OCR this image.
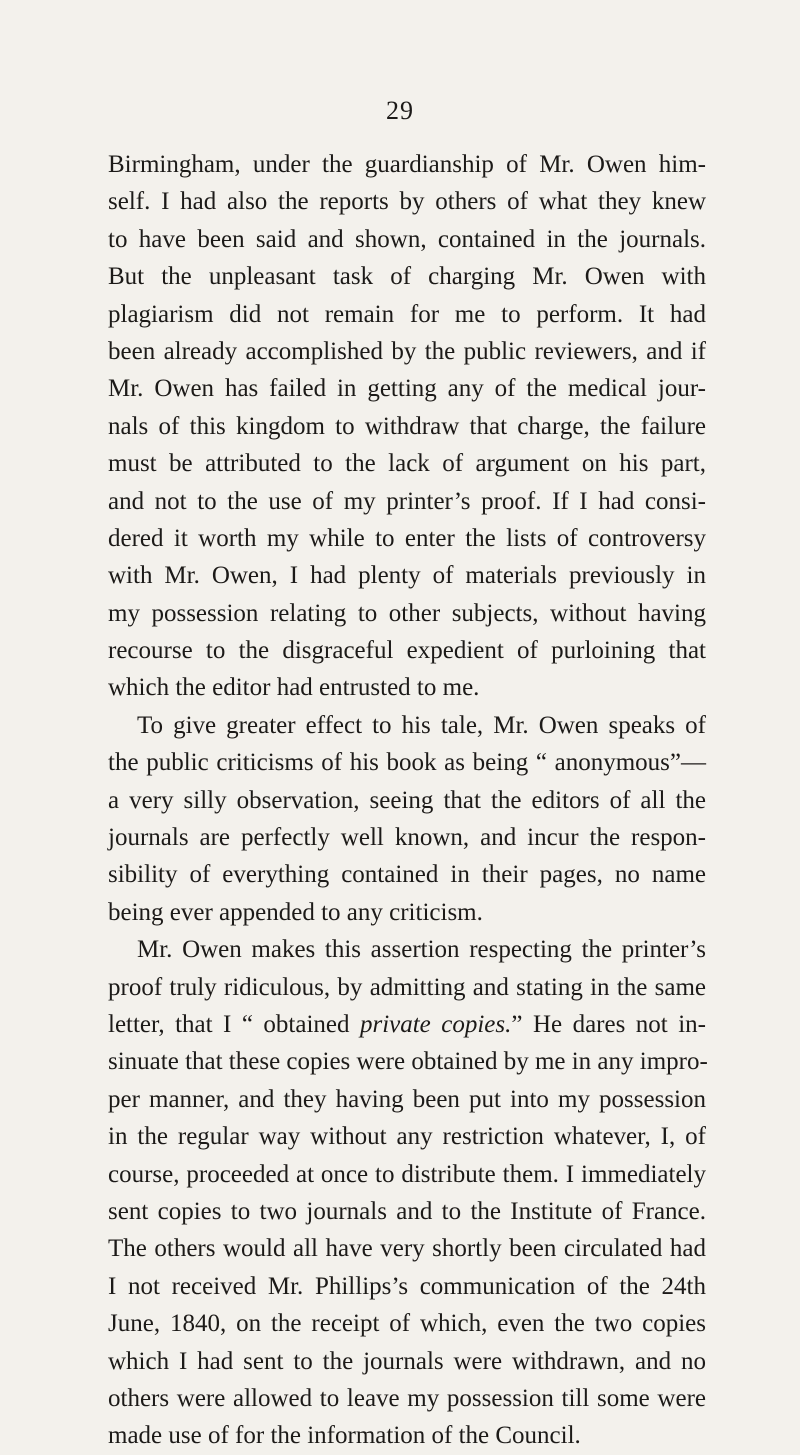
29
Birmingham, under the guardianship of Mr. Owen him-
self. I had also the reports by others of what they knew
to have been said and shown, contained in the journals.
But the unpleasant task of charging Mr. Owen with
plagiarism did not remain for me to perform. It had
been already accomplished by the public reviewers, and if
Mr. Owen has failed in getting any of the medical jour-
nals of this kingdom to withdraw that charge, the failure
must be attributed to the lack of argument on his part,
and not to the use of my printer’s proof. If I had consi-
dered it worth my while to enter the lists of controversy
with Mr. Owen, I had plenty of materials previously in
my possession relating to other subjects, without having
recourse to the disgraceful expedient of purloining that
which the editor had entrusted to me.
To give greater effect to his tale, Mr. Owen speaks of
the public criticisms of his book as being “ anonymous”—
a very silly observation, seeing that the editors of all the
journals are perfectly well known, and incur the respon-
sibility of everything contained in their pages, no name
being ever appended to any criticism.
Mr. Owen makes this assertion respecting the printer’s
proof truly ridiculous, by admitting and stating in the same
letter, that I “ obtained private copies.” He dares not in-
sinuate that these copies were obtained by me in any impro-
per manner, and they having been put into my possession
in the regular way without any restriction whatever, I, of
course, proceeded at once to distribute them. I immediately
sent copies to two journals and to the Institute of France.
The others would all have very shortly been circulated had
I not received Mr. Phillips’s communication of the 24th
June, 1840, on the receipt of which, even the two copies
which I had sent to the journals were withdrawn, and no
others were allowed to leave my possession till some were
made use of for the information of the Council.
